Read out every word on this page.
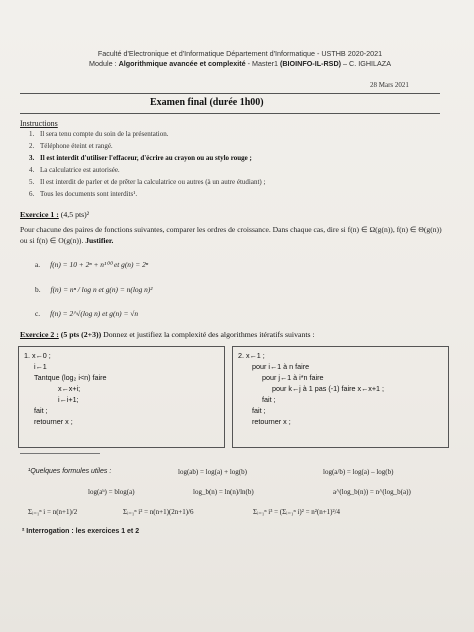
Faculté d'Electronique et d'Informatique Département d'Informatique - USTHB 2020-2021
Module : Algorithmique avancée et complexité - Master1 (BIOINFO-IL-RSD) – C. IGHILAZA
28 Mars 2021
Examen final (durée 1h00)
Instructions
1. Il sera tenu compte du soin de la présentation.
2. Téléphone éteint et rangé.
3. Il est interdit d'utiliser l'effaceur, d'écrire au crayon ou au stylo rouge ;
4. La calculatrice est autorisée.
5. Il est interdit de parler et de prêter la calculatrice ou autres (à un autre étudiant) ;
6. Tous les documents sont interdits¹.
Exercice 1 : (4,5 pts)²
Pour chacune des paires de fonctions suivantes, comparer les ordres de croissance. Dans chaque cas, dire si f(n) ∈ Ω(g(n)), f(n) ∈ Θ(g(n)) ou si f(n) ∈ O(g(n)). Justifier.
a. f(n) = 10 + 2ⁿ + n¹⁰⁰ et g(n) = 2ⁿ
b. f(n) = nⁿ / log n et g(n) = n(log n)²
c. f(n) = 2^√(log n) et g(n) = √n
Exercice 2 : (5 pts (2+3)) Donnez et justifiez la complexité des algorithmes itératifs suivants :
1. x←0 ;
i←1
Tantque (log₂ i<n) faire
x←x+i;
i←i+1;
fait ;
retourner x ;
2. x←1 ;
pour i←1 à n faire
pour j←1 à i*n faire
pour k←j à 1 pas (-1) faire x←x+1 ;
fait ;
fait ;
retourner x ;
¹Quelques formules utiles :	log(ab) = log(a) + log(b)	log(a/b) = log(a) – log(b)
log(aᵇ) = blog(a)	log_b(n) = ln(n)/ln(b)	a^(log_b(n)) = n^(log_b(a))
Σᵢ₌₁ⁿ i = n(n+1)/2	Σᵢ₌₁ⁿ i² = n(n+1)(2n+1)/6	Σᵢ₌₁ⁿ i³ = (Σᵢ₌₁ⁿ i)² = n²(n+1)²/4
² Interrogation : les exercices 1 et 2
